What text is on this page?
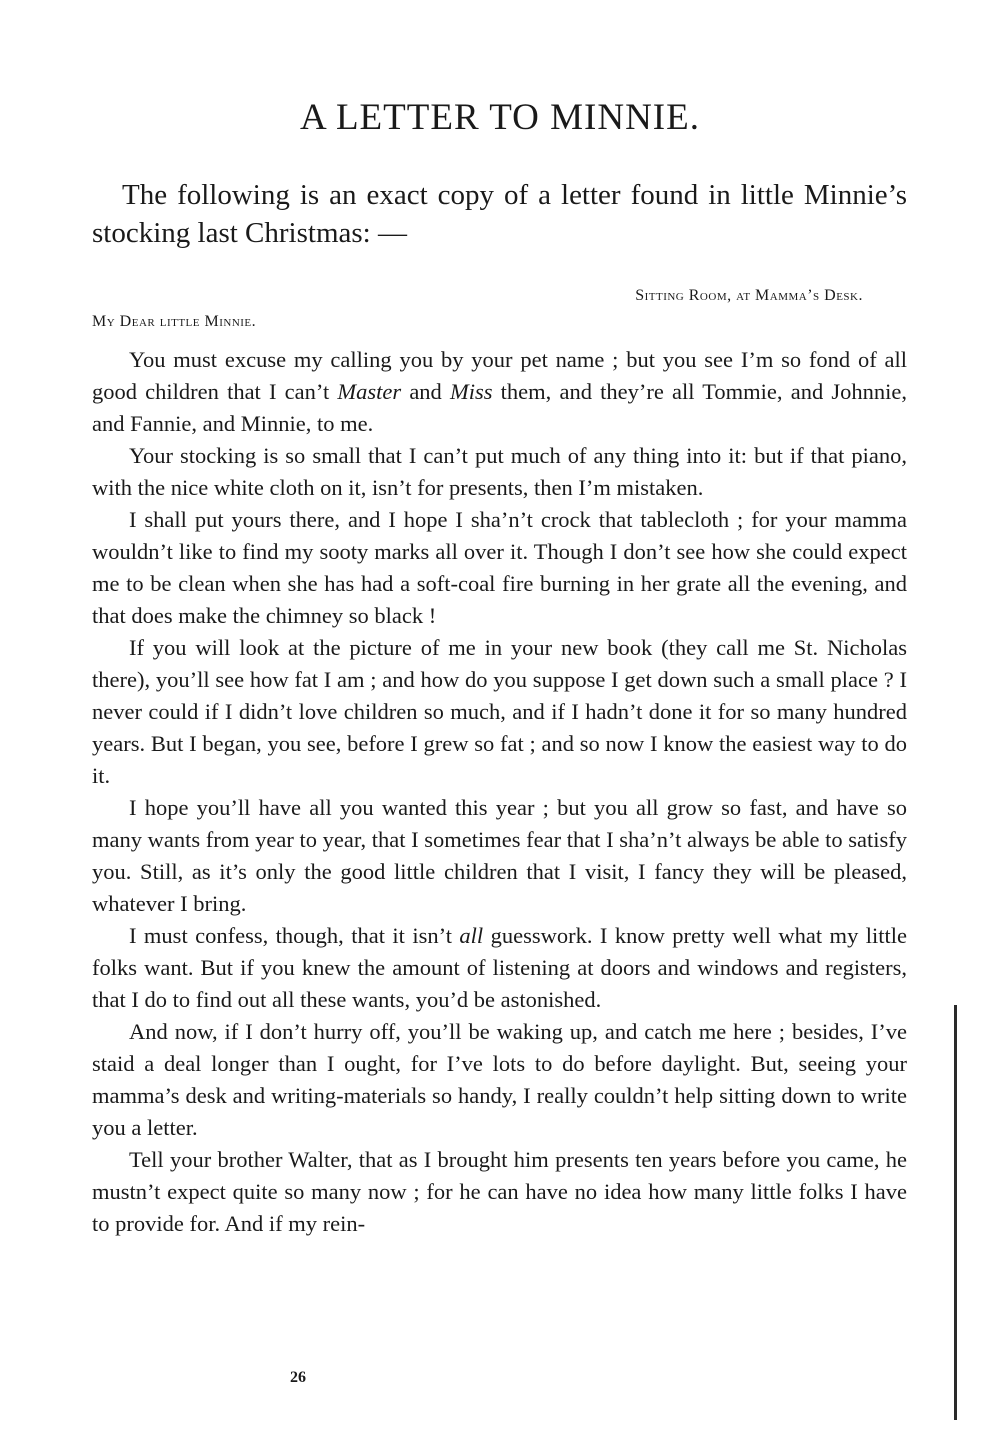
A LETTER TO MINNIE.

The following is an exact copy of a letter found in little Minnie’s stocking last Christmas: —

Sitting Room, at Mamma’s Desk.

My Dear little Minnie.

You must excuse my calling you by your pet name ; but you see I’m so fond of all good children that I can’t Master and Miss them, and they’re all Tommie, and Johnnie, and Fannie, and Minnie, to me.

Your stocking is so small that I can’t put much of any thing into it: but if that piano, with the nice white cloth on it, isn’t for presents, then I’m mistaken.

I shall put yours there, and I hope I sha’n’t crock that tablecloth ; for your mamma wouldn’t like to find my sooty marks all over it. Though I don’t see how she could expect me to be clean when she has had a soft-coal fire burning in her grate all the evening, and that does make the chimney so black !

If you will look at the picture of me in your new book (they call me St. Nicholas there), you’ll see how fat I am ; and how do you suppose I get down such a small place ? I never could if I didn’t love children so much, and if I hadn’t done it for so many hundred years. But I began, you see, before I grew so fat ; and so now I know the easiest way to do it.

I hope you’ll have all you wanted this year ; but you all grow so fast, and have so many wants from year to year, that I sometimes fear that I sha’n’t always be able to satisfy you. Still, as it’s only the good little children that I visit, I fancy they will be pleased, whatever I bring.

I must confess, though, that it isn’t all guesswork. I know pretty well what my little folks want. But if you knew the amount of listening at doors and windows and registers, that I do to find out all these wants, you’d be astonished.

And now, if I don’t hurry off, you’ll be waking up, and catch me here ; besides, I’ve staid a deal longer than I ought, for I’ve lots to do before daylight. But, seeing your mamma’s desk and writing-materials so handy, I really couldn’t help sitting down to write you a letter.

Tell your brother Walter, that as I brought him presents ten years before you came, he mustn’t expect quite so many now ; for he can have no idea how many little folks I have to provide for. And if my rein-

26
